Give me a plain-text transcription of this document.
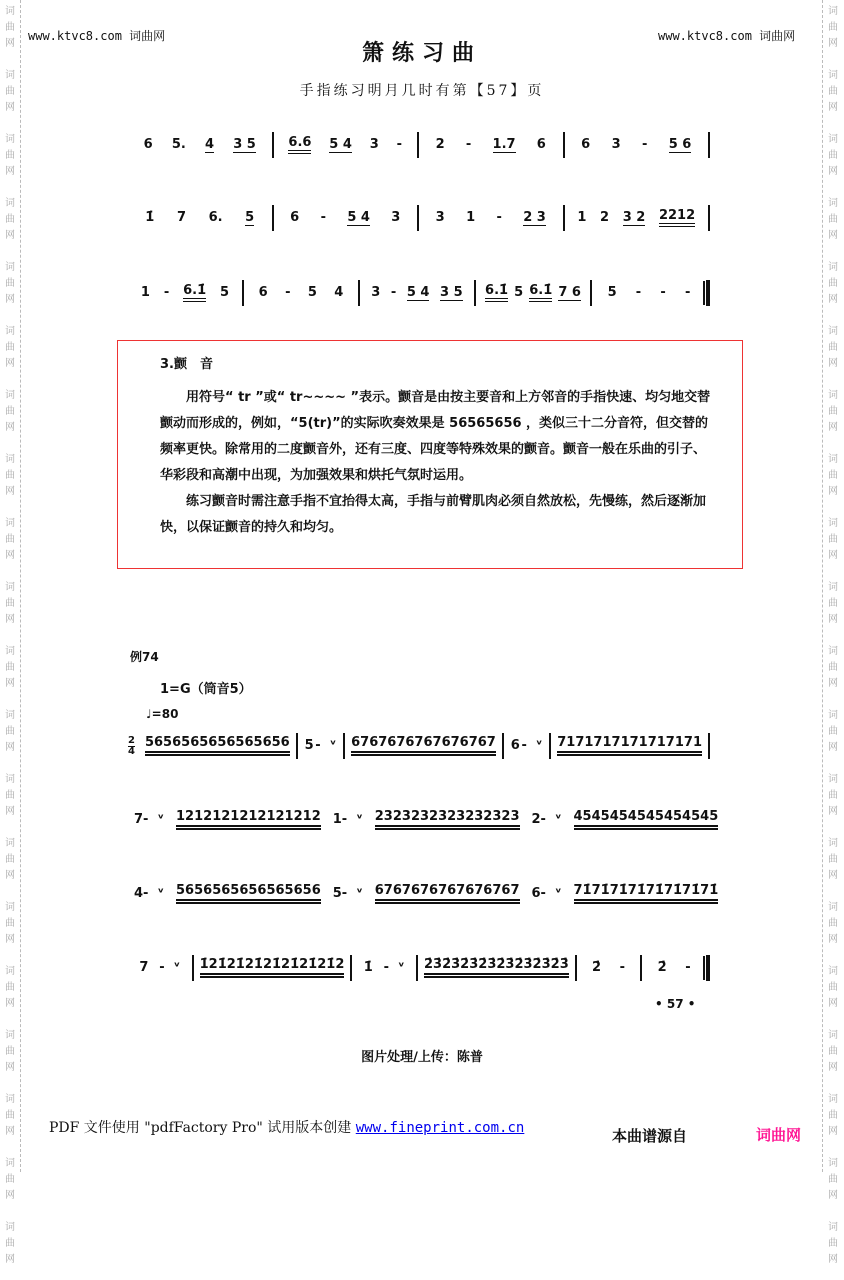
词
曲
网
词
曲
网
词
曲
网
词
曲
网
词
曲
网
词
曲
网
词
曲
网
词
曲
网
词
曲
网
词
曲
网
词
曲
网
词
曲
网
词
曲
网
词
曲
网
词
曲
网
词
曲
网
词
曲
网
词
曲
网
词
曲
网
词
曲
网
词
曲
网
词
曲
网
词
曲
网
词
曲
网
词
曲
网
词
曲
网
词
曲
网
词
曲
网
词
曲
网
词
曲
网
词
曲
网
词
曲
网
词
曲
网
词
曲
网
词
曲
网
词
曲
网
词
曲
网
词
曲
网
词
曲
网
词
曲
网
www.ktvc8.com 词曲网	www.ktvc8.com 词曲网
箫练习曲
手指练习明月几时有第【57】页
6 5. 4 3 5	6.6 5 4 3 -	2 - 1.7 6	6 3 - 5 6
1̇ 7 6. 5	6 - 5 4 3	3 1 - 2 3 1 2 3 2 2212
1 - 6.1̇ 5 6 - 5 4 3 - 5 4 3 5 6.1̇ 5 6.1̇ 7 6 5 - - -
3.颤　音
用符号“ tr ”或“ tr~~~~ ”表示。颤音是由按主要音和上方邻音的手指快速、均匀地交替颤动而形成的，例如，“5(tr)”的实际吹奏效果是 56565656 ，类似三十二分音符，但交替的频率更快。除常用的二度颤音外，还有三度、四度等特殊效果的颤音。颤音一般在乐曲的引子、华彩段和高潮中出现，为加强效果和烘托气氛时运用。
练习颤音时需注意手指不宜抬得太高，手指与前臂肌肉必须自然放松，先慢练，然后逐渐加快，以保证颤音的持久和均匀。
例74
1=G（筒音5）
♩=80
2
4
56565656 56565656 5 -  ᵛ 67676767 67676767 6 -  ᵛ 71717171 71717171
7 -  ᵛ 1212121212121212 1 -  ᵛ 2323232323232323 2 -  ᵛ 4545454545454545
4 -  ᵛ 5656565656565656 5 -  ᵛ 6767676767676767 6 -  ᵛ 71̇71̇71̇71̇71̇71̇71̇71̇
7 -  ᵛ 1̇21̇21̇21̇2 1̇21̇21̇21̇2 1̇ -  ᵛ 2̇3̇2̇3̇2̇3̇2̇3̇ 2̇3̇2̇3̇2̇3̇2̇3̇ 2̇ -	2̇ -
• 57 •
图片处理/上传：陈普
PDF 文件使用 "pdfFactory Pro" 试用版本创建 www.fineprint.com.cn	本曲谱源自	词曲网
